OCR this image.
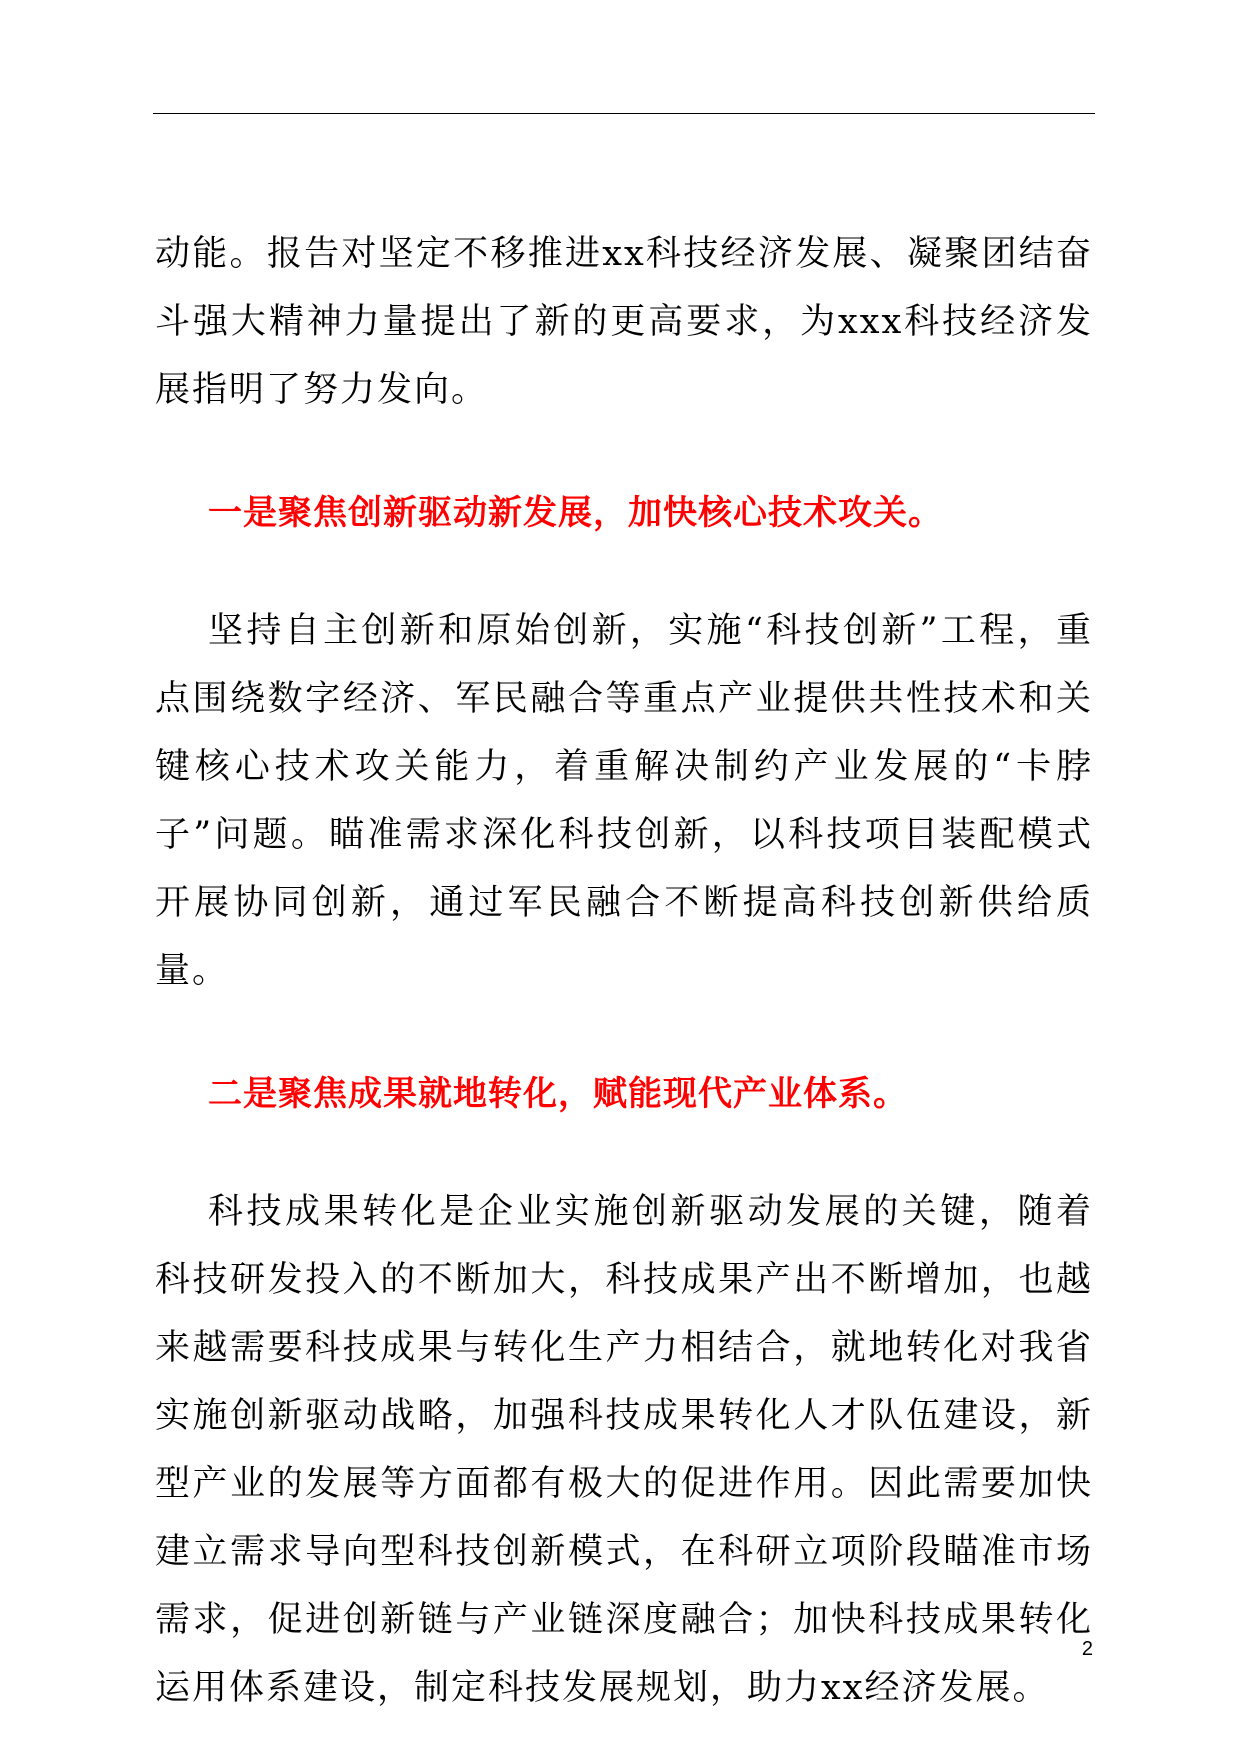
动能。报告对坚定不移推进xx科技经济发展、凝聚团结奋斗强大精神力量提出了新的更高要求，为xxx科技经济发展指明了努力发向。

一是聚焦创新驱动新发展，加快核心技术攻关。

坚持自主创新和原始创新，实施“科技创新”工程，重点围绕数字经济、军民融合等重点产业提供共性技术和关键核心技术攻关能力，着重解决制约产业发展的“卡脖子”问题。瞄准需求深化科技创新，以科技项目装配模式开展协同创新，通过军民融合不断提高科技创新供给质量。

二是聚焦成果就地转化，赋能现代产业体系。

科技成果转化是企业实施创新驱动发展的关键，随着科技研发投入的不断加大，科技成果产出不断增加，也越来越需要科技成果与转化生产力相结合，就地转化对我省实施创新驱动战略，加强科技成果转化人才队伍建设，新型产业的发展等方面都有极大的促进作用。因此需要加快建立需求导向型科技创新模式，在科研立项阶段瞄准市场需求，促进创新链与产业链深度融合；加快科技成果转化运用体系建设，制定科技发展规划，助力xx经济发展。

2
